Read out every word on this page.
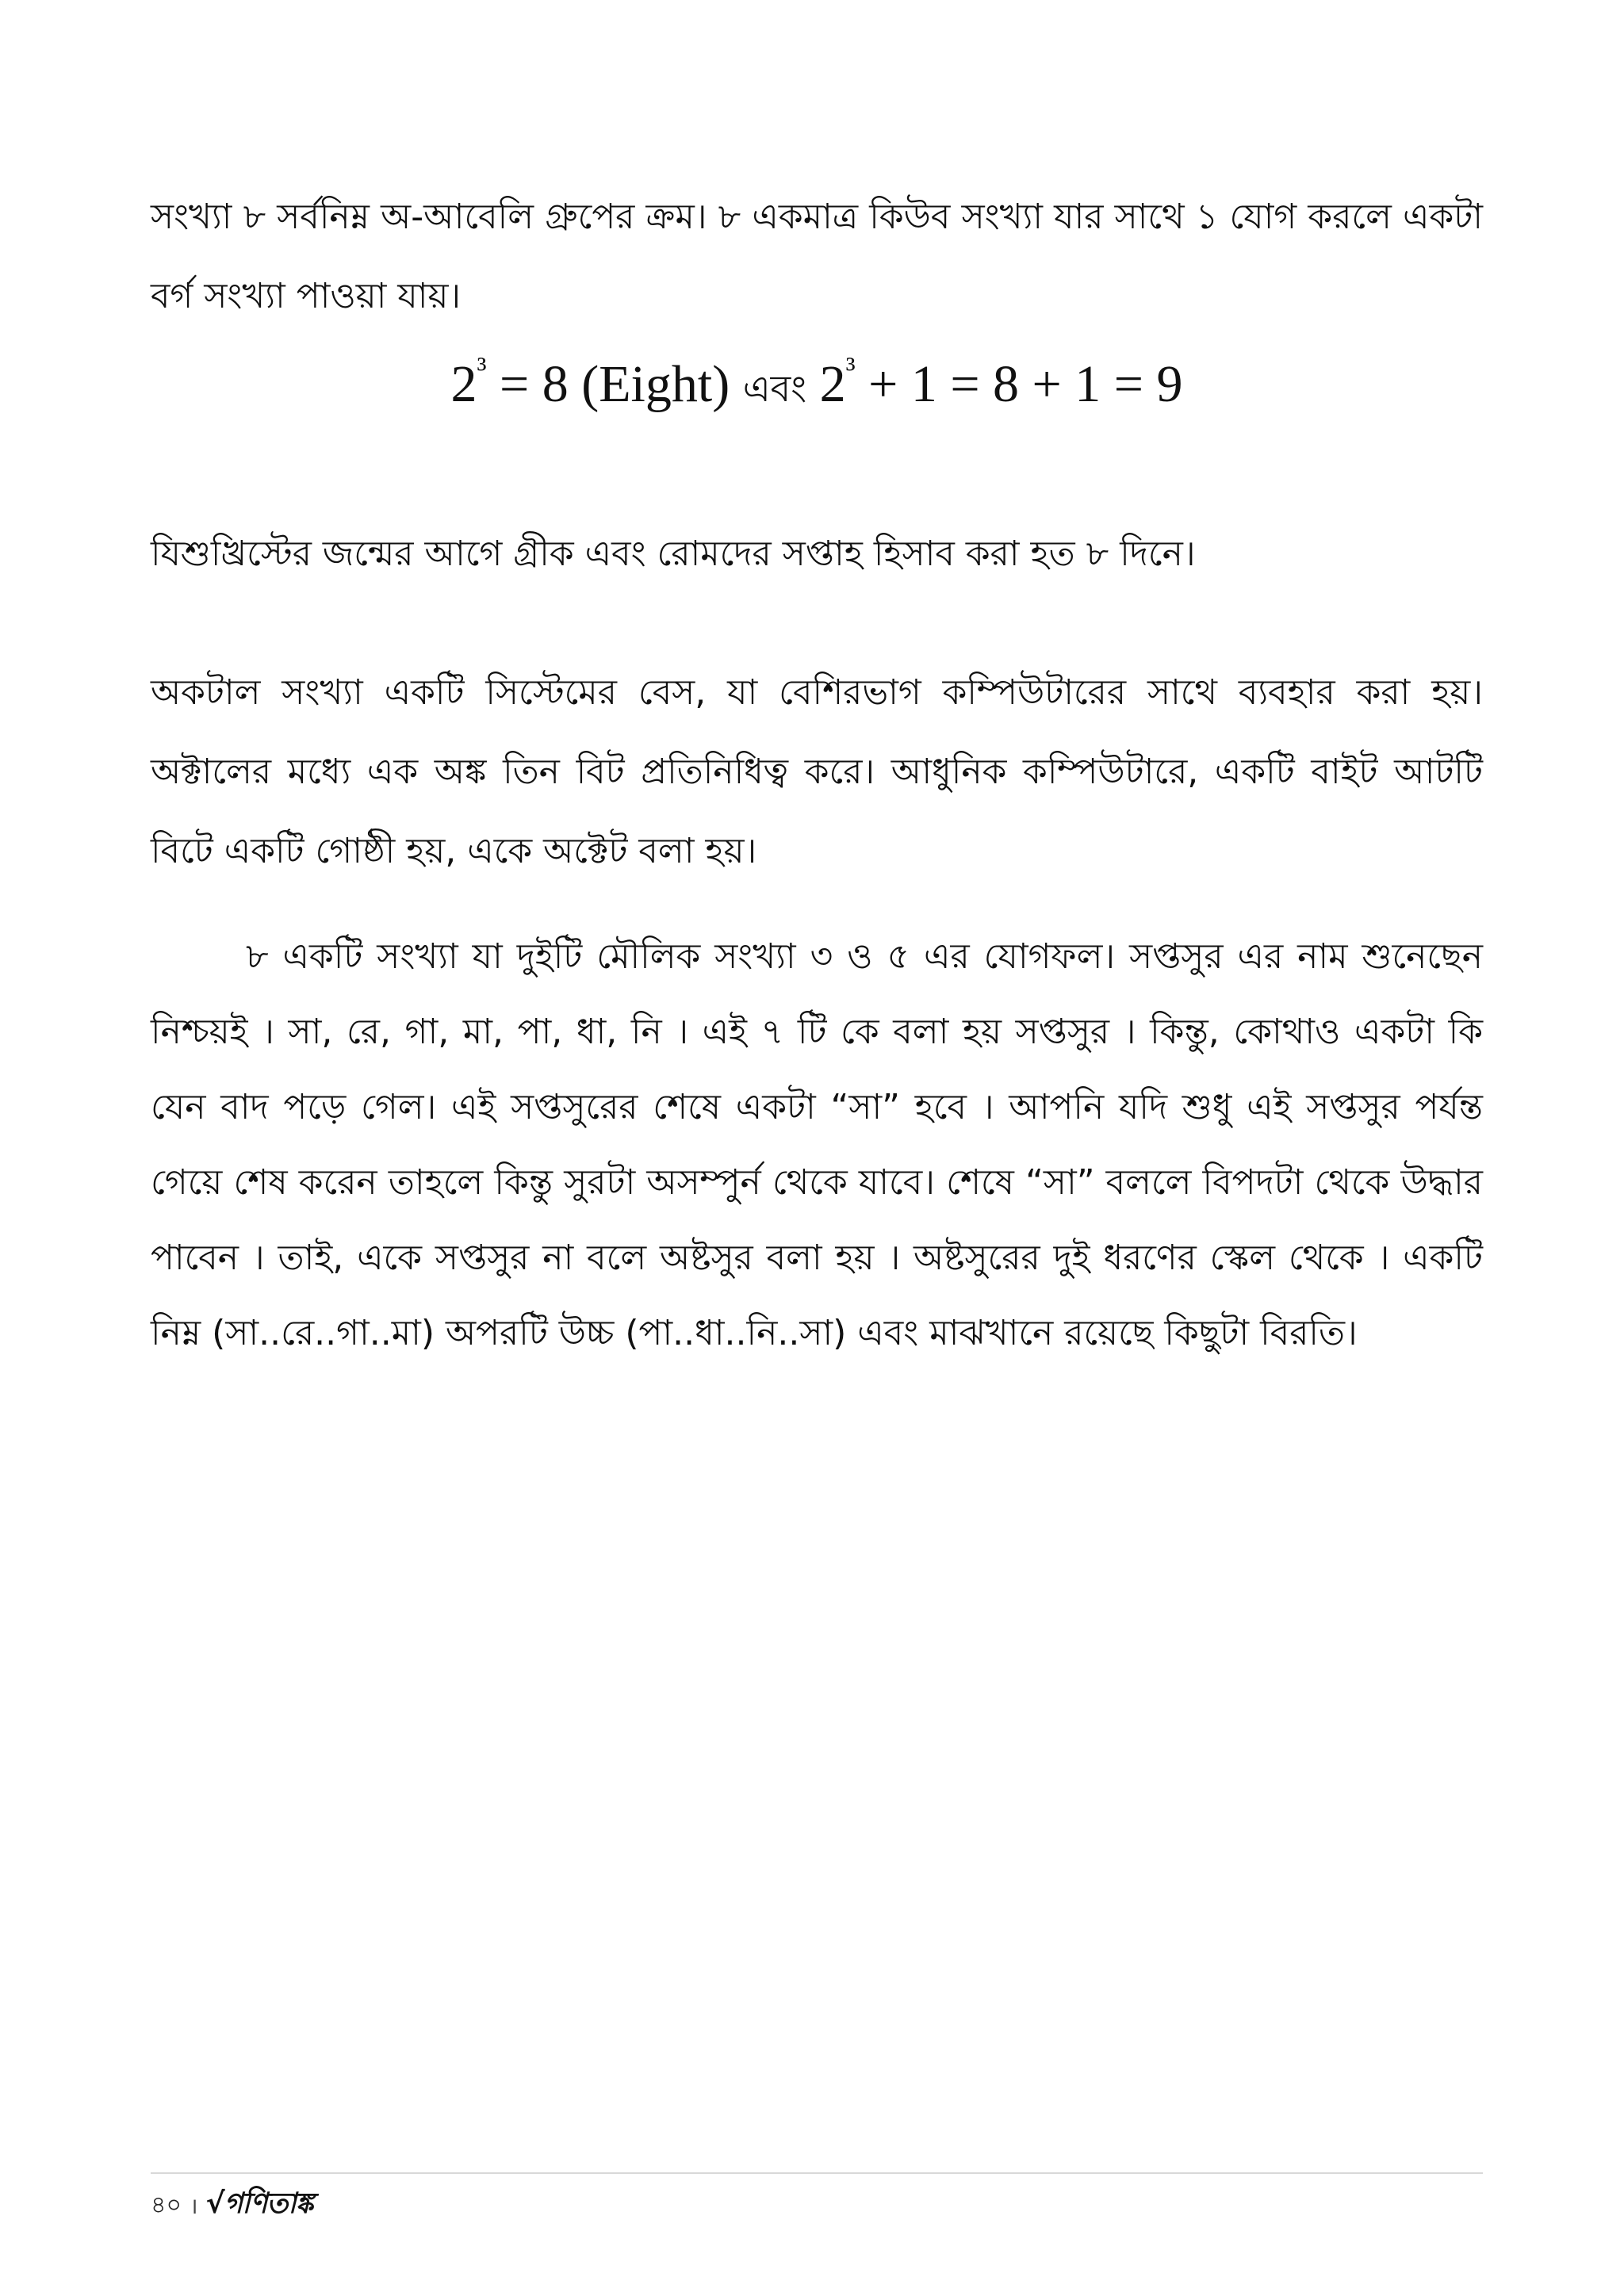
সংখ্যা ৮ সর্বনিম্ন অ-আবেলি গ্রুপের ক্রম। ৮ একমাত্র কিউব সংখ্যা যার সাথে ১ যোগ করলে একটা বর্গ সংখ্যা পাওয়া যায়।

$2^{^3} = 8$ (Eight) এবং $2^{^3} + 1 = 8 + 1 = 9$

যিশুখ্রিস্টের জন্মের আগে গ্রীক এবং রোমদের সপ্তাহ হিসাব করা হত ৮ দিনে।

অকটাল সংখ্যা একটি সিস্টেমের বেস, যা বেশিরভাগ কম্পিউটারের সাথে ব্যবহার করা হয়। অক্টালের মধ্যে এক অঙ্ক তিন বিট প্রতিনিধিত্ব করে। আধুনিক কম্পিউটারে, একটি বাইট আটটি বিটে একটি গোষ্ঠী হয়, একে অক্টেট বলা হয়।

৮ একটি সংখ্যা যা দুইটি মৌলিক সংখ্যা ৩ ও ৫ এর যোগফল। সপ্তসুর এর নাম শুনেছেন নিশ্চয়ই । সা, রে, গা, মা, পা, ধা, নি । এই ৭ টি কে বলা হয় সপ্তসুর । কিন্তু, কোথাও একটা কি যেন বাদ পড়ে গেল। এই সপ্তসুরের শেষে একটা “সা” হবে । আপনি যদি শুধু এই সপ্তসুর পর্যন্ত গেয়ে শেষ করেন তাহলে কিন্তু সুরটা অসম্পুর্ন থেকে যাবে। শেষে “সা” বললে বিপদটা থেকে উদ্ধার পাবেন । তাই, একে সপ্তসুর না বলে অষ্টসুর বলা হয় । অষ্টসুরের দুই ধরণের স্কেল থেকে । একটি নিম্ন (সা..রে..গা..মা) অপরটি উচ্চ (পা..ধা..নি..সা) এবং মাঝখানে রয়েছে কিছুটা বিরতি।

৪০ । √গণিতাঙ্ক
